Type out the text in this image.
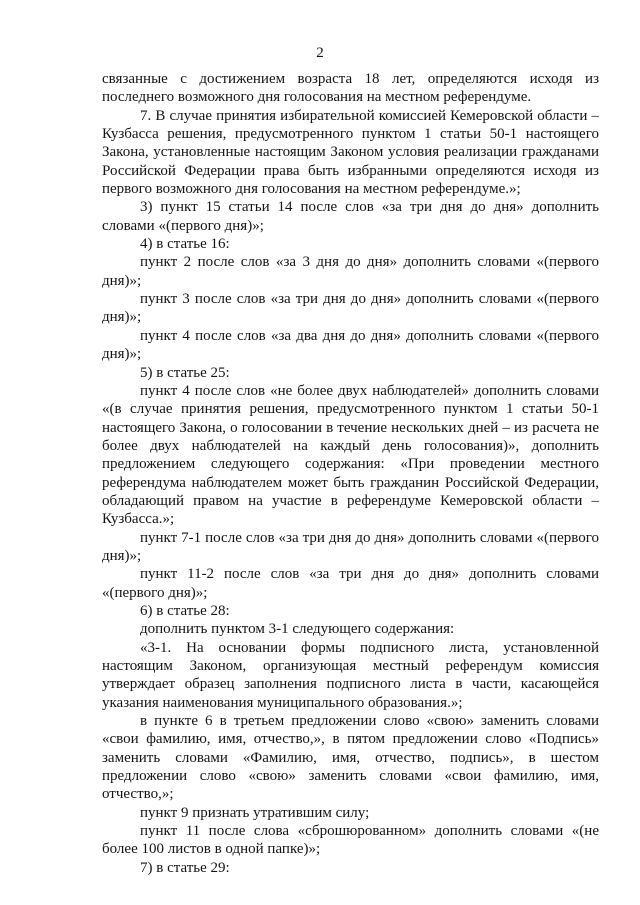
2

связанные с достижением возраста 18 лет, определяются исходя из последнего возможного дня голосования на местном референдуме.

7. В случае принятия избирательной комиссией Кемеровской области – Кузбасса решения, предусмотренного пунктом 1 статьи 50-1 настоящего Закона, установленные настоящим Законом условия реализации гражданами Российской Федерации права быть избранными определяются исходя из первого возможного дня голосования на местном референдуме.»;

3) пункт 15 статьи 14 после слов «за три дня до дня» дополнить словами «(первого дня)»;

4) в статье 16:

пункт 2 после слов «за 3 дня до дня» дополнить словами «(первого дня)»;

пункт 3 после слов «за три дня до дня» дополнить словами «(первого дня)»;

пункт 4 после слов «за два дня до дня» дополнить словами «(первого дня)»;

5) в статье 25:

пункт 4 после слов «не более двух наблюдателей» дополнить словами «(в случае принятия решения, предусмотренного пунктом 1 статьи 50-1 настоящего Закона, о голосовании в течение нескольких дней – из расчета не более двух наблюдателей на каждый день голосования)», дополнить предложением следующего содержания: «При проведении местного референдума наблюдателем может быть гражданин Российской Федерации, обладающий правом на участие в референдуме Кемеровской области – Кузбасса.»;

пункт 7-1 после слов «за три дня до дня» дополнить словами «(первого дня)»;

пункт 11-2 после слов «за три дня до дня» дополнить словами «(первого дня)»;

6) в статье 28:

дополнить пунктом 3-1 следующего содержания:

«3-1. На основании формы подписного листа, установленной настоящим Законом, организующая местный референдум комиссия утверждает образец заполнения подписного листа в части, касающейся указания наименования муниципального образования.»;

в пункте 6 в третьем предложении слово «свою» заменить словами «свои фамилию, имя, отчество,», в пятом предложении слово «Подпись» заменить словами «Фамилию, имя, отчество, подпись», в шестом предложении слово «свою» заменить словами «свои фамилию, имя, отчество,»;

пункт 9 признать утратившим силу;

пункт 11 после слова «сброшюрованном» дополнить словами «(не более 100 листов в одной папке)»;

7) в статье 29:
